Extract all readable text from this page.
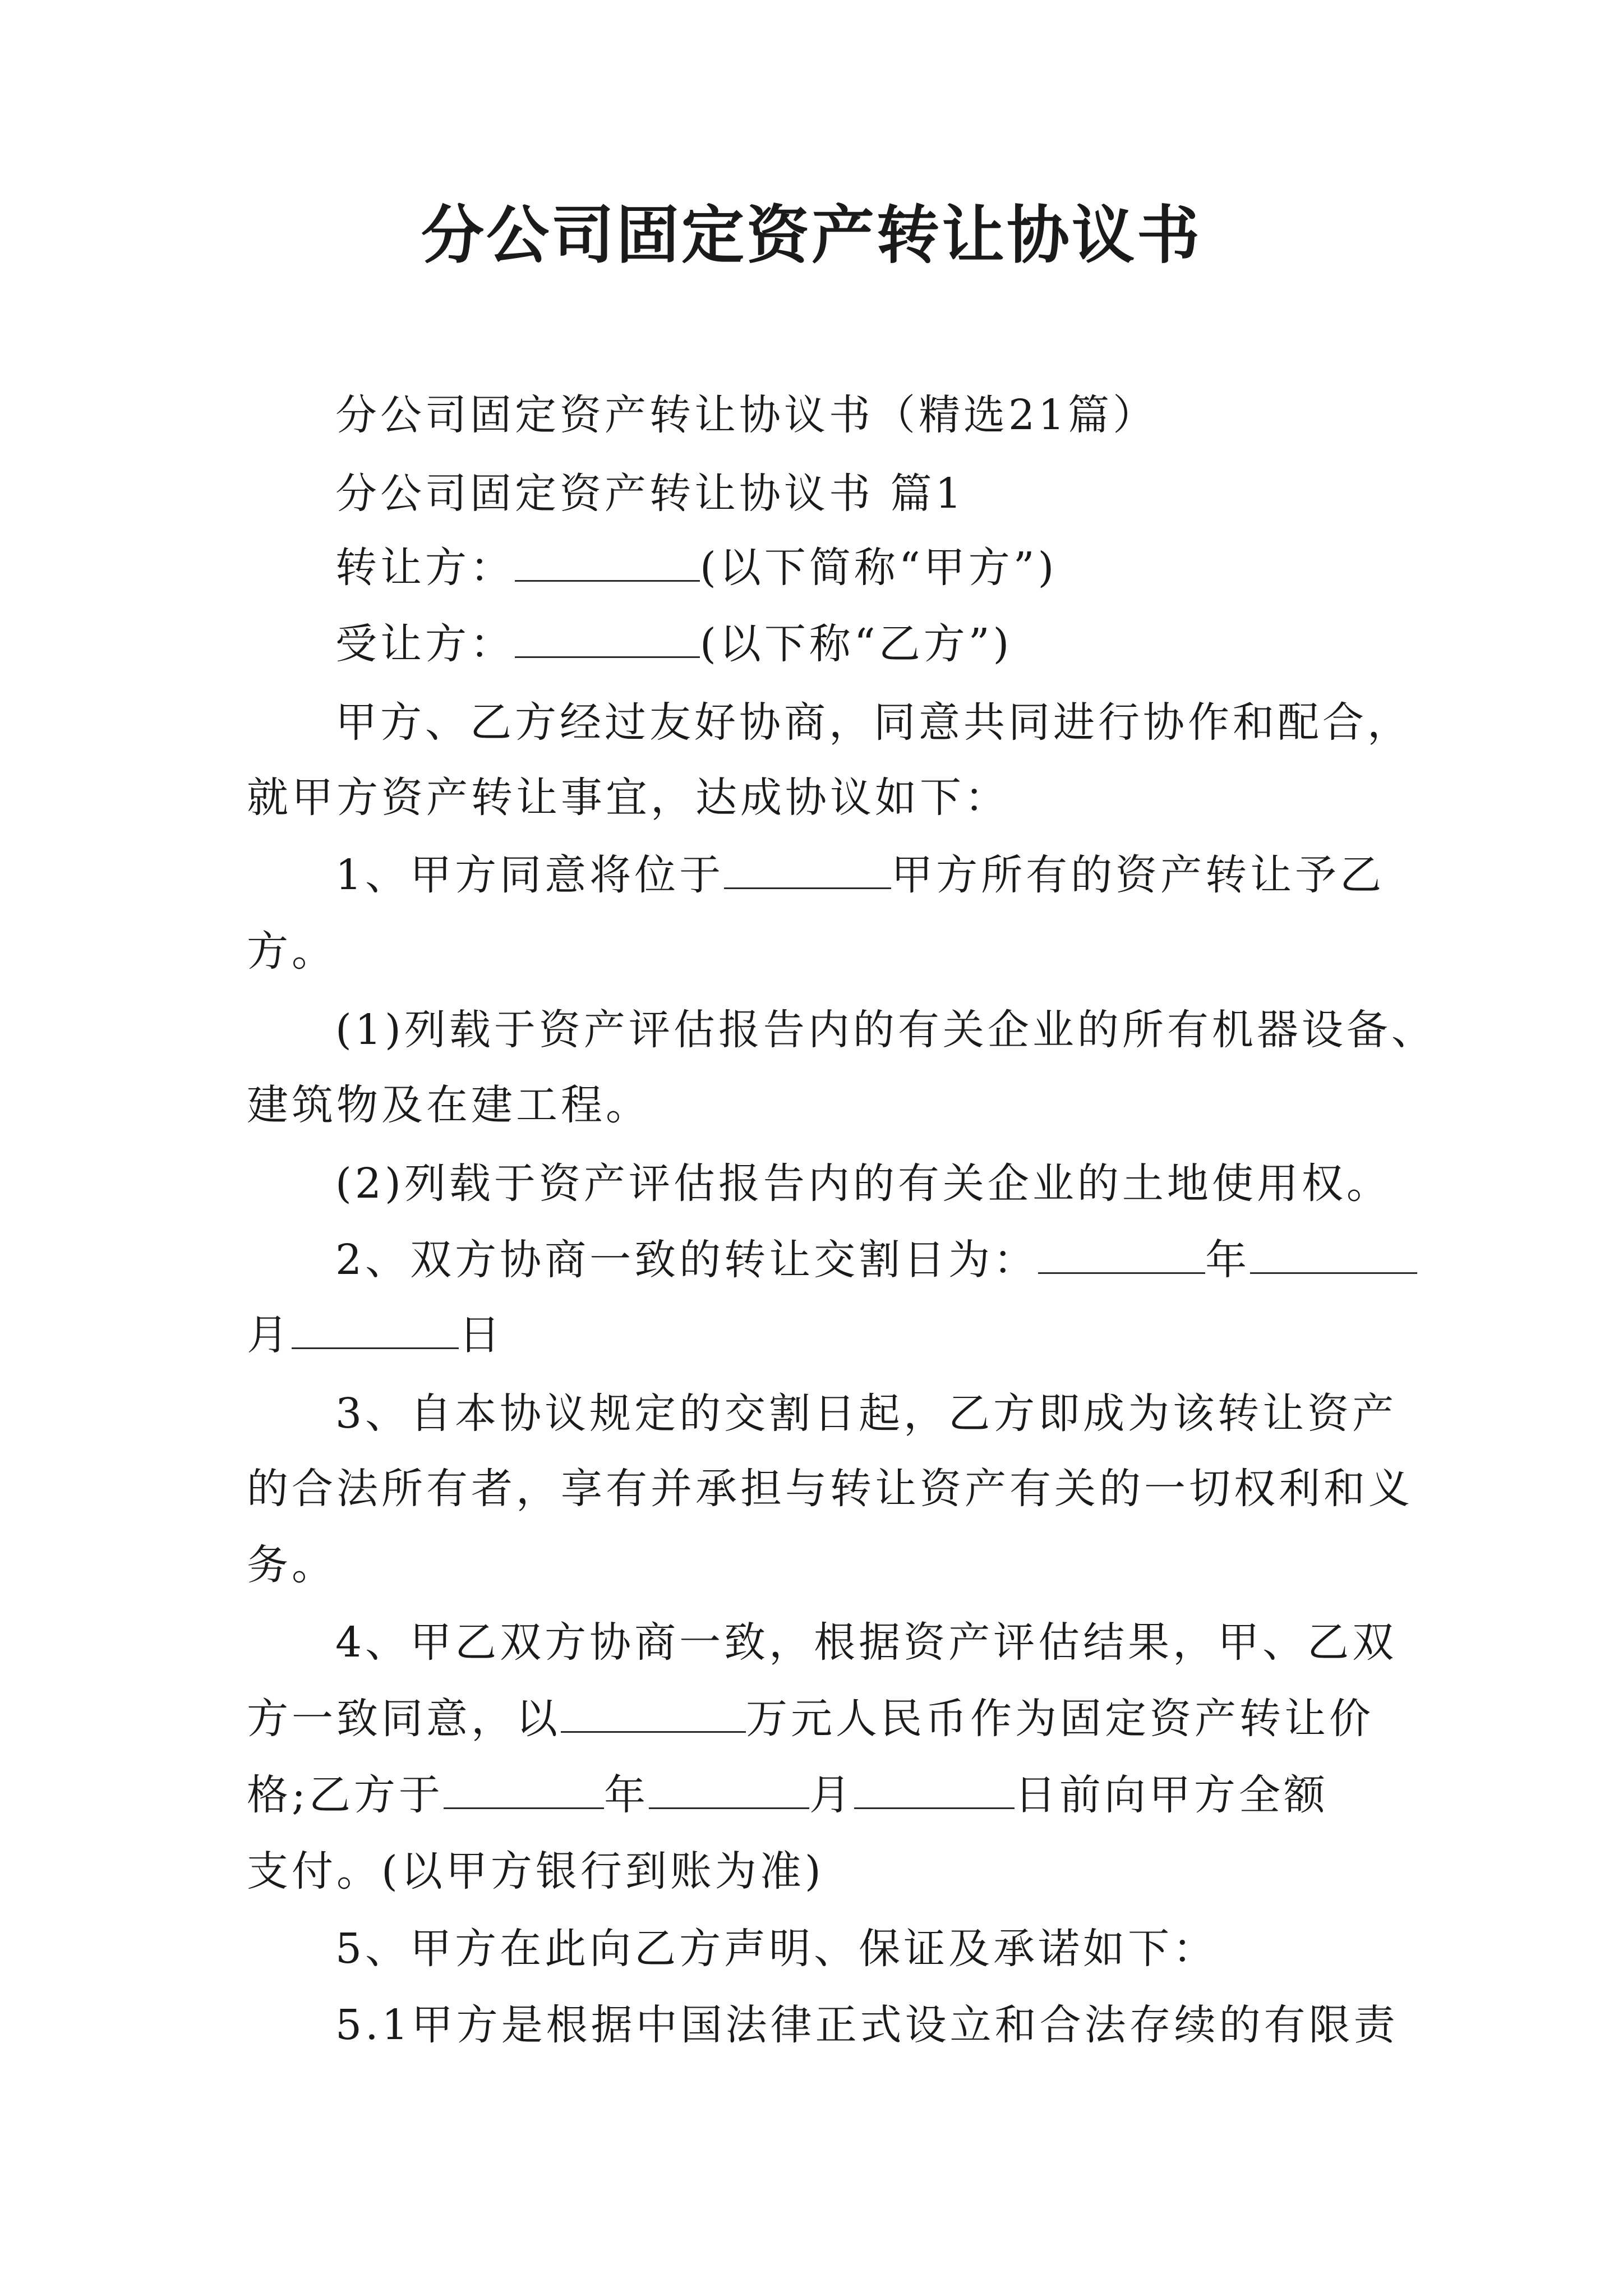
分公司固定资产转让协议书
分公司固定资产转让协议书（精选21篇）
分公司固定资产转让协议书 篇1
转让方：	(以下简称“甲方”)
受让方：	(以下称“乙方”)
甲方、乙方经过友好协商，同意共同进行协作和配合，
就甲方资产转让事宜，达成协议如下：
1、甲方同意将位于	甲方所有的资产转让予乙
方。
(1)列载于资产评估报告内的有关企业的所有机器设备、
建筑物及在建工程。
(2)列载于资产评估报告内的有关企业的土地使用权。
2、双方协商一致的转让交割日为：	年
月	日
3、自本协议规定的交割日起，乙方即成为该转让资产
的合法所有者，享有并承担与转让资产有关的一切权利和义
务。
4、甲乙双方协商一致，根据资产评估结果，甲、乙双
方一致同意，以	万元人民币作为固定资产转让价
格;乙方于	年	月	日前向甲方全额
支付。(以甲方银行到账为准)
5、甲方在此向乙方声明、保证及承诺如下：
5.1甲方是根据中国法律正式设立和合法存续的有限责
